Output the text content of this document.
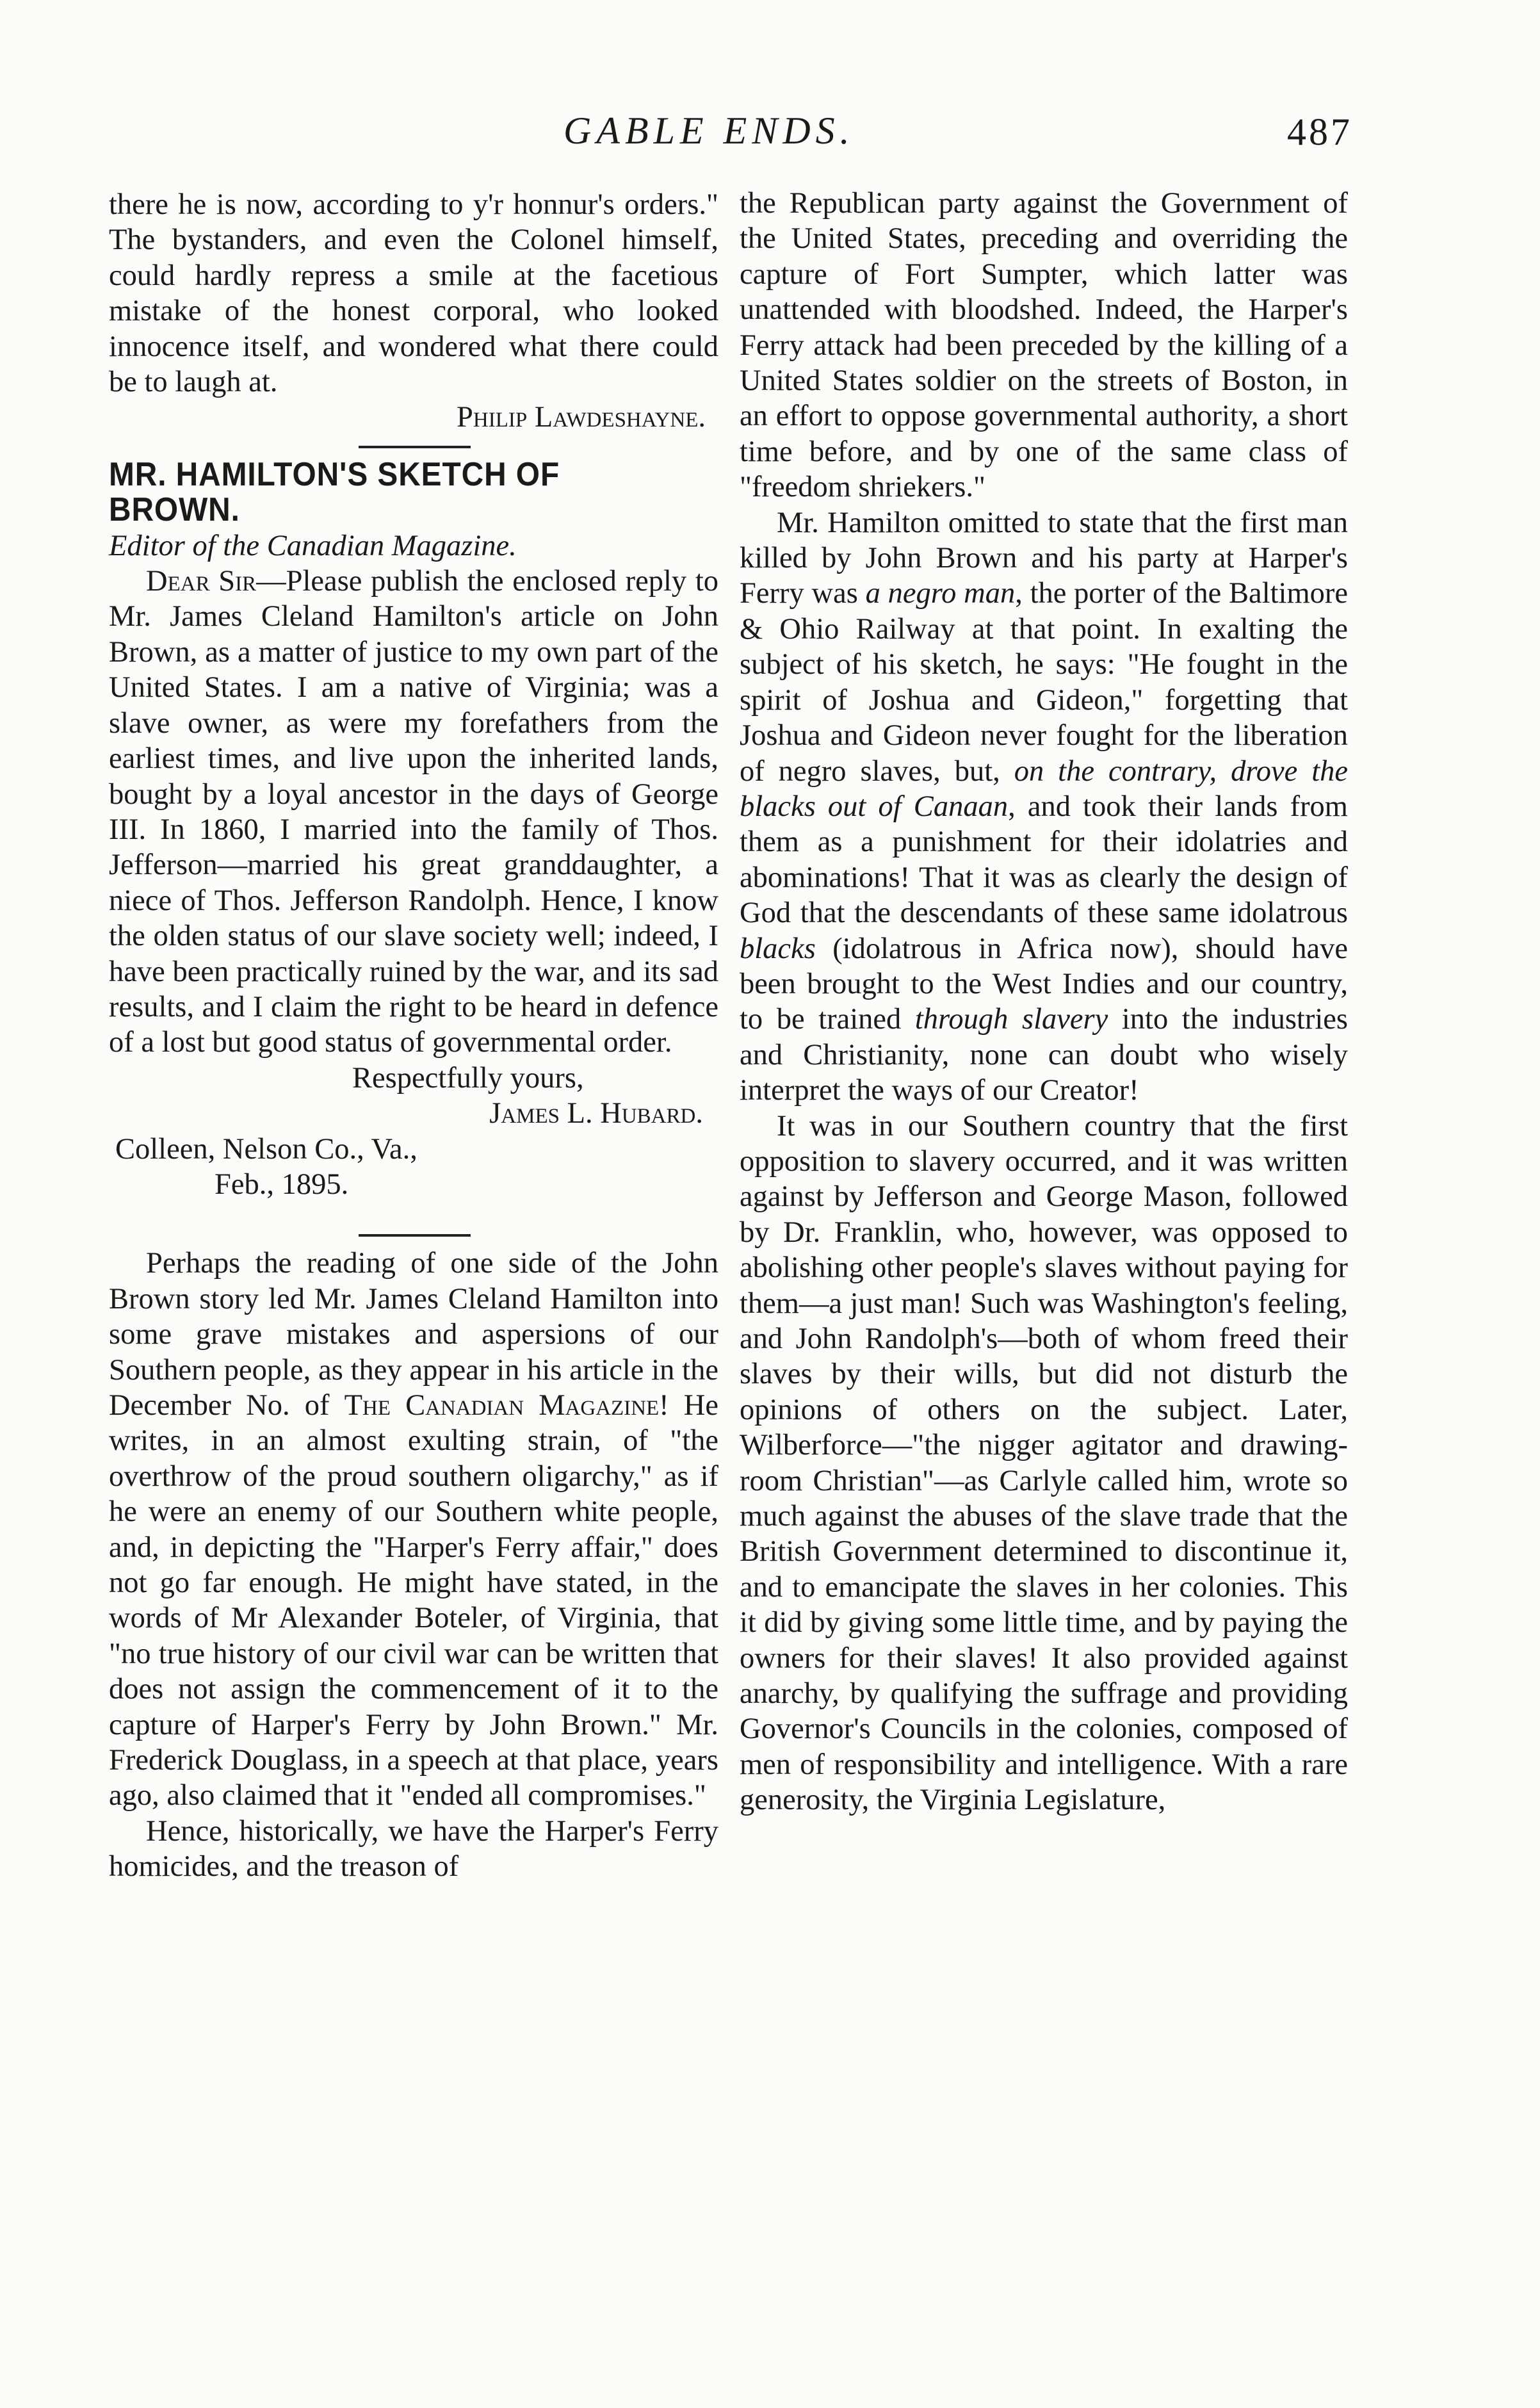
GABLE ENDS.	487

there he is now, according to y'r honnur's orders." The bystanders, and even the Colonel himself, could hardly repress a smile at the facetious mistake of the honest corporal, who looked innocence itself, and wondered what there could be to laugh at.

Philip Lawdeshayne.

MR. HAMILTON'S SKETCH OF BROWN.

Editor of the Canadian Magazine.

Dear Sir—Please publish the enclosed reply to Mr. James Cleland Hamilton's article on John Brown, as a matter of justice to my own part of the United States. I am a native of Virginia; was a slave owner, as were my forefathers from the earliest times, and live upon the inherited lands, bought by a loyal ancestor in the days of George III. In 1860, I married into the family of Thos. Jefferson—married his great granddaughter, a niece of Thos. Jefferson Randolph. Hence, I know the olden status of our slave society well; indeed, I have been practically ruined by the war, and its sad results, and I claim the right to be heard in defence of a lost but good status of governmental order.

Respectfully yours,

James L. Hubard.

Colleen, Nelson Co., Va.,

Feb., 1895.

Perhaps the reading of one side of the John Brown story led Mr. James Cleland Hamilton into some grave mistakes and aspersions of our Southern people, as they appear in his article in the December No. of The Canadian Magazine! He writes, in an almost exulting strain, of "the overthrow of the proud southern oligarchy," as if he were an enemy of our Southern white people, and, in depicting the "Harper's Ferry affair," does not go far enough. He might have stated, in the words of Mr Alexander Boteler, of Virginia, that "no true history of our civil war can be written that does not assign the commencement of it to the capture of Harper's Ferry by John Brown." Mr. Frederick Douglass, in a speech at that place, years ago, also claimed that it "ended all compromises."

Hence, historically, we have the Harper's Ferry homicides, and the treason of

the Republican party against the Government of the United States, preceding and overriding the capture of Fort Sumpter, which latter was unattended with bloodshed. Indeed, the Harper's Ferry attack had been preceded by the killing of a United States soldier on the streets of Boston, in an effort to oppose governmental authority, a short time before, and by one of the same class of "freedom shriekers."

Mr. Hamilton omitted to state that the first man killed by John Brown and his party at Harper's Ferry was a negro man, the porter of the Baltimore & Ohio Railway at that point. In exalting the subject of his sketch, he says: "He fought in the spirit of Joshua and Gideon," forgetting that Joshua and Gideon never fought for the liberation of negro slaves, but, on the contrary, drove the blacks out of Canaan, and took their lands from them as a punishment for their idolatries and abominations! That it was as clearly the design of God that the descendants of these same idolatrous blacks (idolatrous in Africa now), should have been brought to the West Indies and our country, to be trained through slavery into the industries and Christianity, none can doubt who wisely interpret the ways of our Creator!

It was in our Southern country that the first opposition to slavery occurred, and it was written against by Jefferson and George Mason, followed by Dr. Franklin, who, however, was opposed to abolishing other people's slaves without paying for them—a just man! Such was Washington's feeling, and John Randolph's—both of whom freed their slaves by their wills, but did not disturb the opinions of others on the subject. Later, Wilberforce—"the nigger agitator and drawing-room Christian"—as Carlyle called him, wrote so much against the abuses of the slave trade that the British Government determined to discontinue it, and to emancipate the slaves in her colonies. This it did by giving some little time, and by paying the owners for their slaves! It also provided against anarchy, by qualifying the suffrage and providing Governor's Councils in the colonies, composed of men of responsibility and intelligence. With a rare generosity, the Virginia Legislature,
